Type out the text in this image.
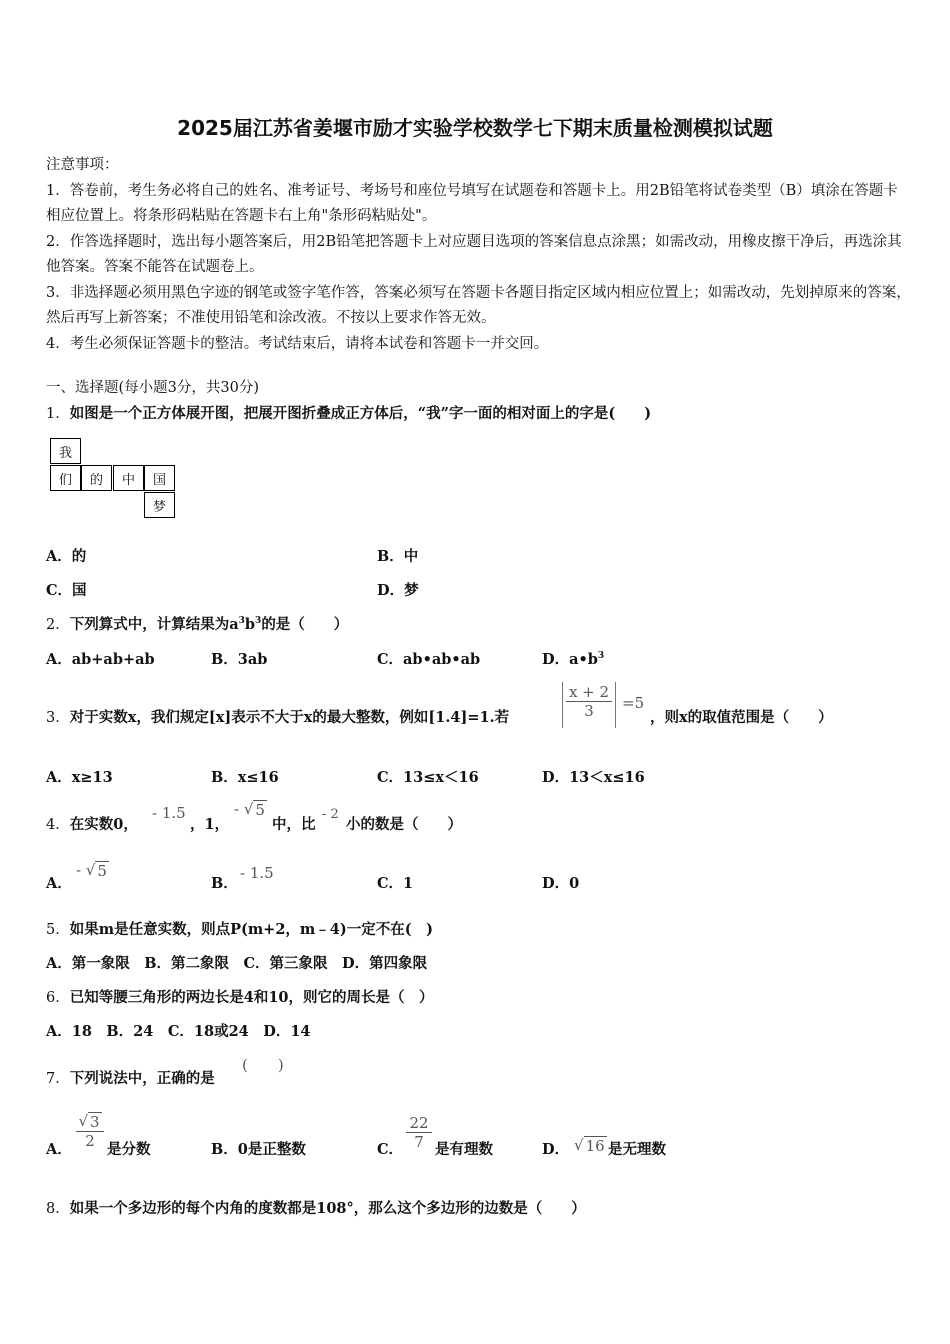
2025届江苏省姜堰市励才实验学校数学七下期末质量检测模拟试题

注意事项：

1．答卷前，考生务必将自己的姓名、准考证号、考场号和座位号填写在试题卷和答题卡上。用2B铅笔将试卷类型（B）填涂在答题卡相应位置上。将条形码粘贴在答题卡右上角"条形码粘贴处"。

2．作答选择题时，选出每小题答案后，用2B铅笔把答题卡上对应题目选项的答案信息点涂黑；如需改动，用橡皮擦干净后，再选涂其他答案。答案不能答在试题卷上。

3．非选择题必须用黑色字迹的钢笔或签字笔作答，答案必须写在答题卡各题目指定区域内相应位置上；如需改动，先划掉原来的答案，然后再写上新答案；不准使用铅笔和涂改液。不按以上要求作答无效。

4．考生必须保证答题卡的整洁。考试结束后，请将本试卷和答题卡一并交回。

一、选择题(每小题3分，共30分)
1．如图是一个正方体展开图，把展开图折叠成正方体后，“我”字一面的相对面上的字是(　　)
我
们	的	中	国
梦
A．的	B．中
C．国	D．梦
2．下列算式中，计算结果为$a^3b^3$的是（　　）
A．ab+ab+ab	B．3ab	C．ab•ab•ab	D．$a•b^3$
3．对于实数x，我们规定[x]表示不大于x的最大整数，例如[1.4]=1.若
x + 2
3 =5
，则x的取值范围是（　　）
A．x≥13	B．x≤16	C．13≤x＜16	D．13＜x≤16
4．在实数0，
- 1.5
，1，
- √ 5
中，比
- 2
小的数是（　　）
A．
- √ 5
B．
- 1.5
C．1	D．0
5．如果m是任意实数，则点P(m+2，m﹣4)一定不在(　)
A．第一象限　B．第二象限　C．第三象限　D．第四象限
6．已知等腰三角形的两边长是4和10，则它的周长是（　）
A．18　B．24　C．18或24　D．14
7．下列说法中，正确的是
(　　)
A．
√ 3
2 是分数	B．0是正整数	C．
22
7 是有理数	D． √ 16 是无理数
8．如果一个多边形的每个内角的度数都是108°，那么这个多边形的边数是（　　）
